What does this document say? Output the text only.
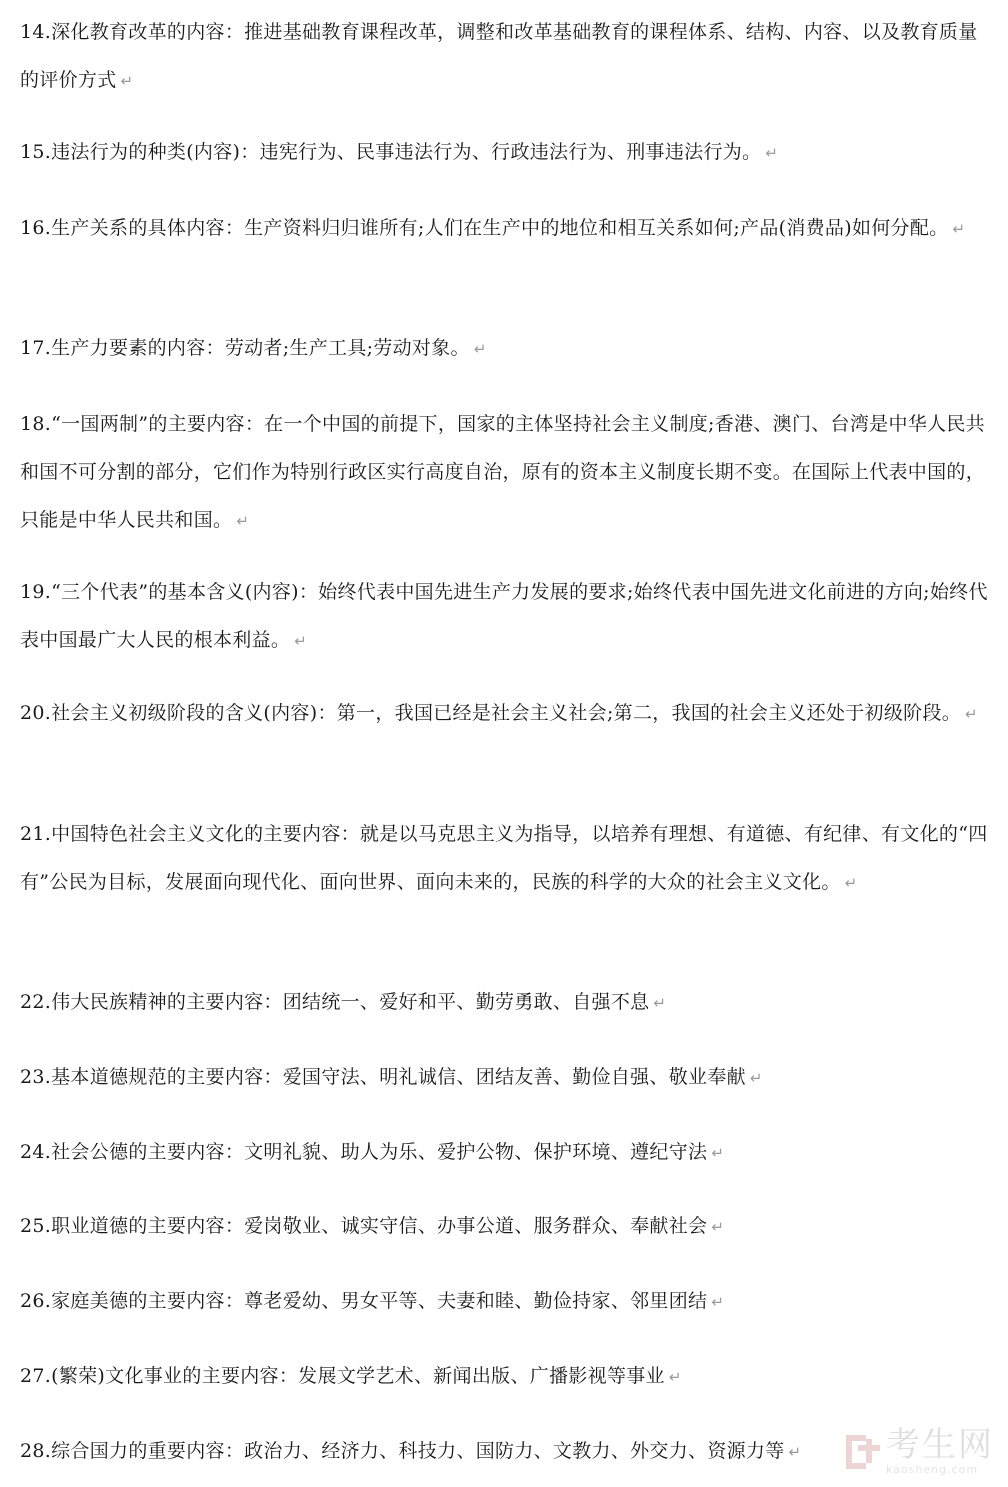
14.深化教育改革的内容：推进基础教育课程改革，调整和改革基础教育的课程体系、结构、内容、以及教育质量的评价方式 ↵

15.违法行为的种类(内容)：违宪行为、民事违法行为、行政违法行为、刑事违法行为。 ↵

16.生产关系的具体内容：生产资料归归谁所有;人们在生产中的地位和相互关系如何;产品(消费品)如何分配。 ↵

17.生产力要素的内容：劳动者;生产工具;劳动对象。 ↵

18.“一国两制”的主要内容：在一个中国的前提下，国家的主体坚持社会主义制度;香港、澳门、台湾是中华人民共和国不可分割的部分，它们作为特别行政区实行高度自治，原有的资本主义制度长期不变。在国际上代表中国的，只能是中华人民共和国。 ↵

19.“三个代表”的基本含义(内容)：始终代表中国先进生产力发展的要求;始终代表中国先进文化前进的方向;始终代表中国最广大人民的根本利益。 ↵

20.社会主义初级阶段的含义(内容)：第一，我国已经是社会主义社会;第二，我国的社会主义还处于初级阶段。 ↵

21.中国特色社会主义文化的主要内容：就是以马克思主义为指导，以培养有理想、有道德、有纪律、有文化的“四有”公民为目标，发展面向现代化、面向世界、面向未来的，民族的科学的大众的社会主义文化。 ↵

22.伟大民族精神的主要内容：团结统一、爱好和平、勤劳勇敢、自强不息 ↵

23.基本道德规范的主要内容：爱国守法、明礼诚信、团结友善、勤俭自强、敬业奉献 ↵

24.社会公德的主要内容：文明礼貌、助人为乐、爱护公物、保护环境、遵纪守法 ↵

25.职业道德的主要内容：爱岗敬业、诚实守信、办事公道、服务群众、奉献社会 ↵

26.家庭美德的主要内容：尊老爱幼、男女平等、夫妻和睦、勤俭持家、邻里团结 ↵

27.(繁荣)文化事业的主要内容：发展文学艺术、新闻出版、广播影视等事业 ↵

28.综合国力的重要内容：政治力、经济力、科技力、国防力、文教力、外交力、资源力等 ↵	考生网
kaosheng.com
